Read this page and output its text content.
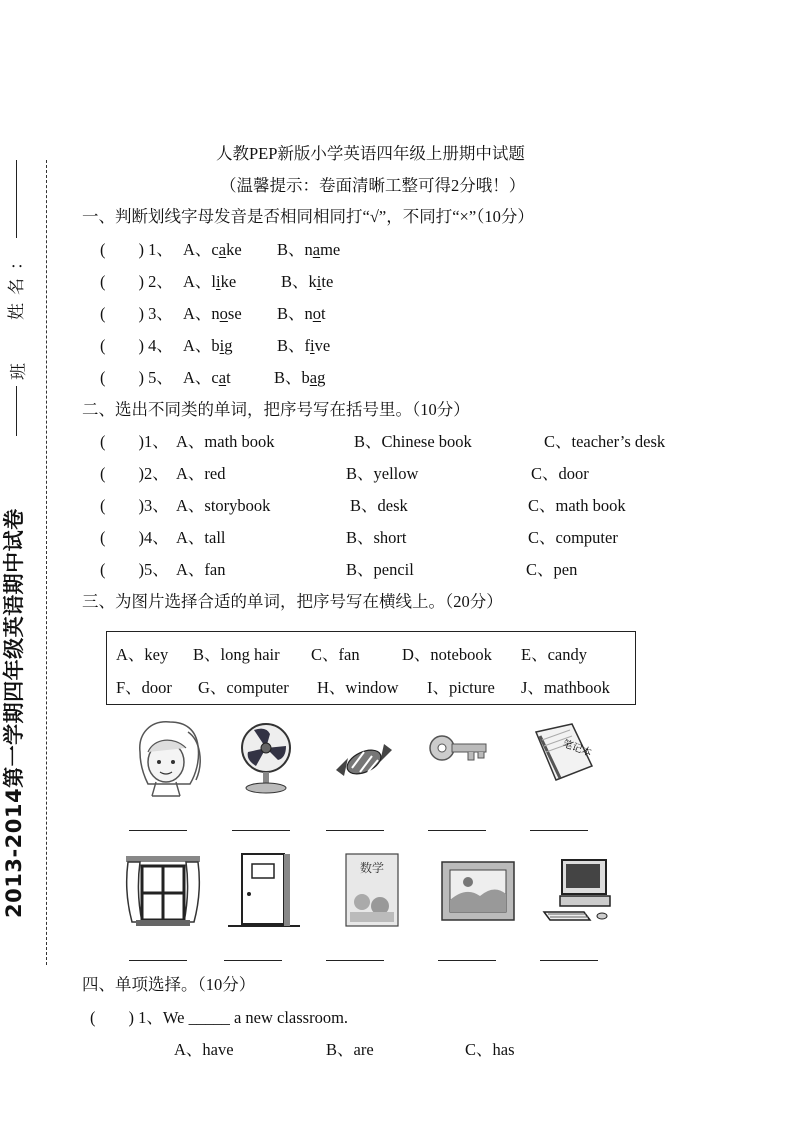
2013-2014第一学期四年级英语期中试卷
班
姓名：
人教PEP新版小学英语四年级上册期中试题
（温馨提示：卷面清晰工整可得2分哦！）
一、判断划线字母发音是否相同相同打“√”，不同打“×”（10分）
(　　) 1、 A、cake B、name
(　　) 2、 A、like	B、kite
(　　) 3、 A、nose B、not
(　　) 4、 A、big	B、five
(　　) 5、 A、cat	B、bag
二、选出不同类的单词，把序号写在括号里。（10分）
(　　)1、 A、math book	B、Chinese book	C、teacher’s desk
(　　)2、 A、red	B、yellow	C、door
(　　)3、 A、storybook	B、desk	C、math book
(　　)4、 A、tall	B、short	C、computer
(　　)5、 A、fan	B、pencil	C、pen
三、为图片选择合适的单词，把序号写在横线上。（20分）
A、key B、long hair C、fan	D、notebook E、candy
F、door G、computer H、window I、picture J、mathbook
笔记本
数学
四、单项选择。（10分）
(　　) 1、We _____ a new classroom.
A、have	B、are	C、has
